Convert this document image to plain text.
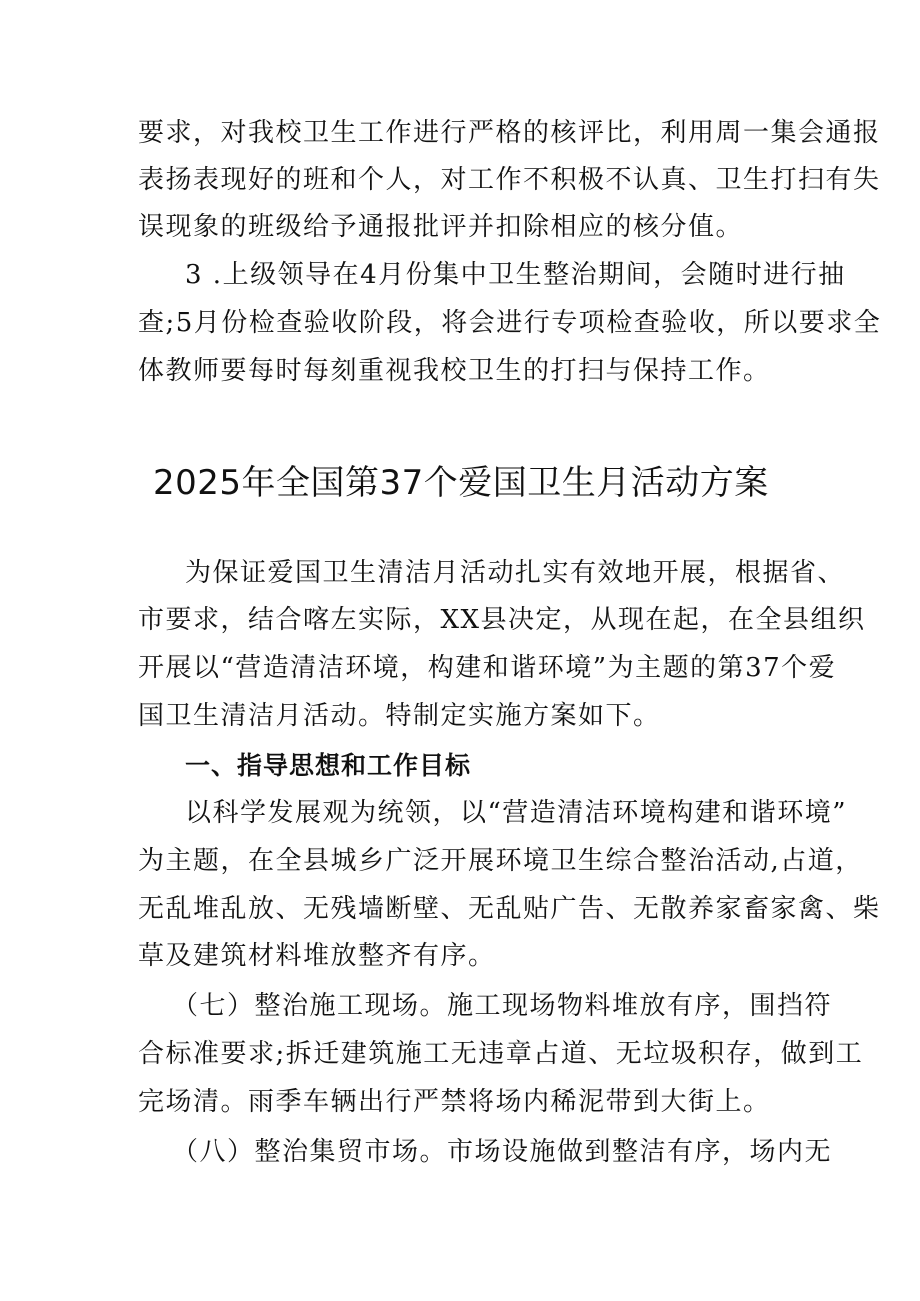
要求，对我校卫生工作进行严格的核评比，利用周一集会通报
表扬表现好的班和个人，对工作不积极不认真、卫生打扫有失
误现象的班级给予通报批评并扣除相应的核分值。
3 .上级领导在4月份集中卫生整治期间，会随时进行抽
查;5月份检查验收阶段，将会进行专项检查验收，所以要求全
体教师要每时每刻重视我校卫生的打扫与保持工作。
2025年全国第37个爱国卫生月活动方案
为保证爱国卫生清洁月活动扎实有效地开展，根据省、
市要求，结合喀左实际，XX县决定，从现在起，在全县组织
开展以“营造清洁环境，构建和谐环境”为主题的第37个爱
国卫生清洁月活动。特制定实施方案如下。
一、指导思想和工作目标
以科学发展观为统领，以“营造清洁环境构建和谐环境”
为主题，在全县城乡广泛开展环境卫生综合整治活动,占道，
无乱堆乱放、无残墙断壁、无乱贴广告、无散养家畜家禽、柴
草及建筑材料堆放整齐有序。
（七）整治施工现场。施工现场物料堆放有序，围挡符
合标准要求;拆迁建筑施工无违章占道、无垃圾积存，做到工
完场清。雨季车辆出行严禁将场内稀泥带到大街上。
（八）整治集贸市场。市场设施做到整洁有序，场内无
